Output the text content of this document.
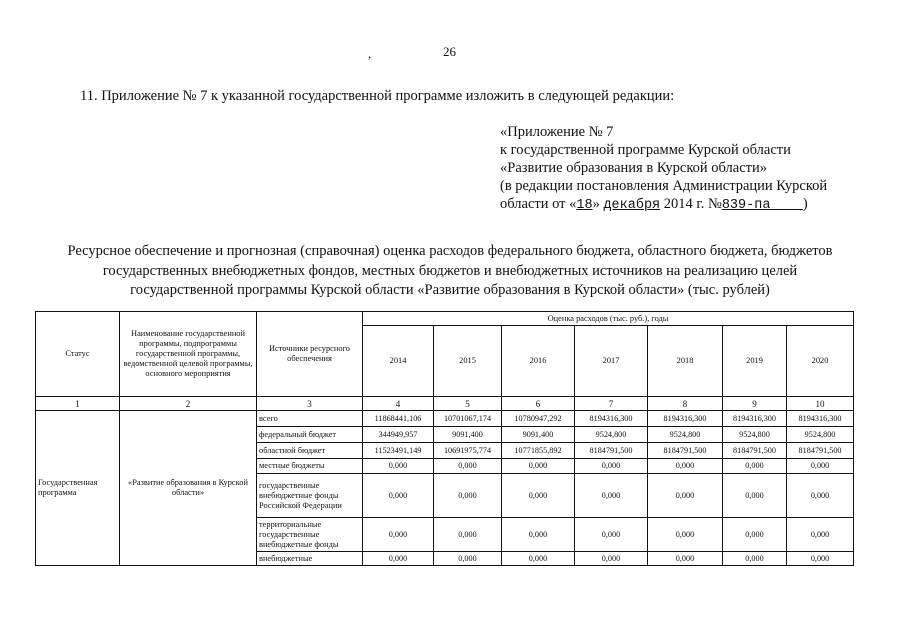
26
,
11. Приложение № 7 к указанной государственной программе изложить в следующей редакции:
«Приложение № 7
к государственной программе Курской области
«Развитие образования в Курской области»
(в редакции постановления Администрации Курской
области от «18» декабря 2014 г. №839-па )
Ресурсное обеспечение и прогнозная (справочная) оценка расходов федерального бюджета, областного бюджета, бюджетов
государственных внебюджетных фондов, местных бюджетов и внебюджетных источников на реализацию целей
государственной программы Курской области «Развитие образования в Курской области» (тыс. рублей)
Статус	Наименование государственной программы, подпрограммы государственной программы, ведомственной целевой программы, основного мероприятия	Источники ресурсного обеспечения	Оценка расходов (тыс. руб.), годы						
			2014	2015	2016	2017	2018	2019	2020
1	2	3	4	5	6	7	8	9	10
Государственная программа	«Развитие образования в Курской области»	всего	11868441,106	10701067,174	10780947,292	8194316,300	8194316,300	8194316,300	8194316,300
		федеральный бюджет	344949,957	9091,400	9091,400	9524,800	9524,800	9524,800	9524,800
		областной бюджет	11523491,149	10691975,774	10771855,892	8184791,500	8184791,500	8184791,500	8184791,500
		местные бюджеты	0,000	0,000	0,000	0,000	0,000	0,000	0,000
		государственные внебюджетные фонды Российской Федерации	0,000	0,000	0,000	0,000	0,000	0,000	0,000
		территориальные государственные внебюджетные фонды	0,000	0,000	0,000	0,000	0,000	0,000	0,000
		внебюджетные	0,000	0,000	0,000	0,000	0,000	0,000	0,000
